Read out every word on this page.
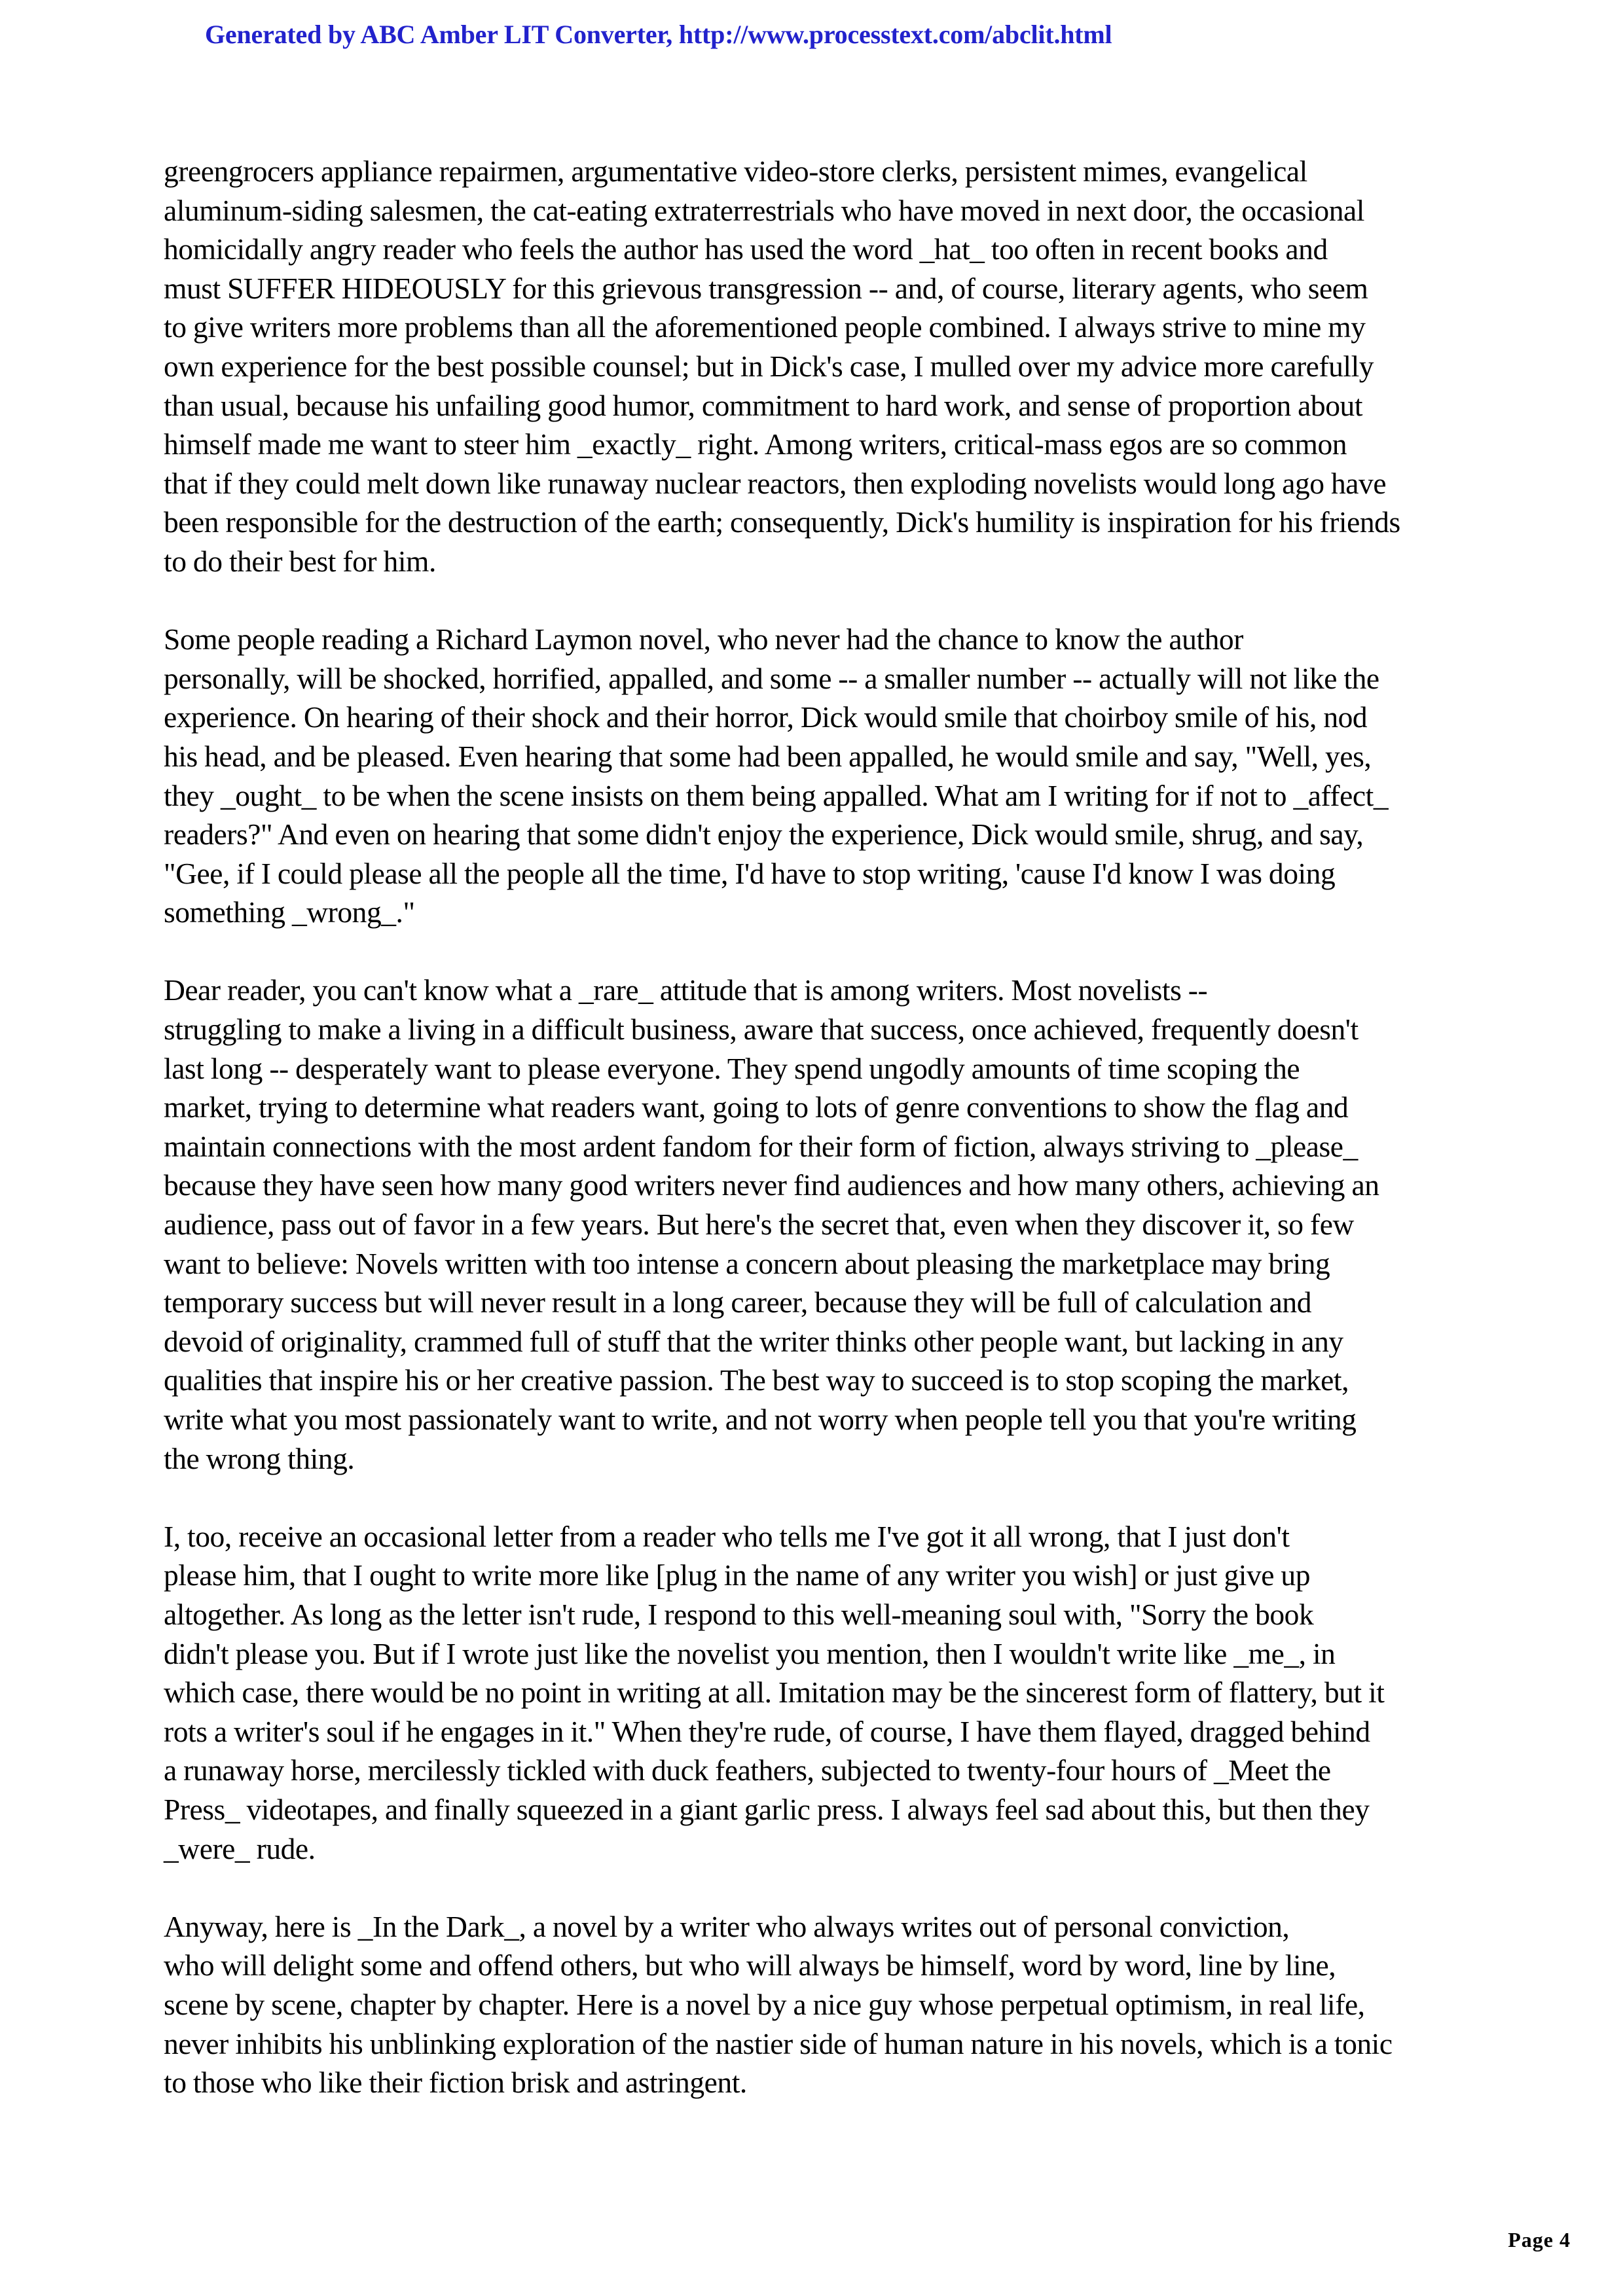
Generated by ABC Amber LIT Converter, http://www.processtext.com/abclit.html

greengrocers appliance repairmen, argumentative video-store clerks, persistent mimes, evangelical
aluminum-siding salesmen, the cat-eating extraterrestrials who have moved in next door, the occasional
homicidally angry reader who feels the author has used the word _hat_ too often in recent books and
must SUFFER HIDEOUSLY for this grievous transgression -- and, of course, literary agents, who seem
to give writers more problems than all the aforementioned people combined. I always strive to mine my
own experience for the best possible counsel; but in Dick's case, I mulled over my advice more carefully
than usual, because his unfailing good humor, commitment to hard work, and sense of proportion about
himself made me want to steer him _exactly_ right. Among writers, critical-mass egos are so common
that if they could melt down like runaway nuclear reactors, then exploding novelists would long ago have
been responsible for the destruction of the earth; consequently, Dick's humility is inspiration for his friends
to do their best for him.

Some people reading a Richard Laymon novel, who never had the chance to know the author
personally, will be shocked, horrified, appalled, and some -- a smaller number -- actually will not like the
experience. On hearing of their shock and their horror, Dick would smile that choirboy smile of his, nod
his head, and be pleased. Even hearing that some had been appalled, he would smile and say, "Well, yes,
they _ought_ to be when the scene insists on them being appalled. What am I writing for if not to _affect_
readers?" And even on hearing that some didn't enjoy the experience, Dick would smile, shrug, and say,
"Gee, if I could please all the people all the time, I'd have to stop writing, 'cause I'd know I was doing
something _wrong_."

Dear reader, you can't know what a _rare_ attitude that is among writers. Most novelists --
struggling to make a living in a difficult business, aware that success, once achieved, frequently doesn't
last long -- desperately want to please everyone. They spend ungodly amounts of time scoping the
market, trying to determine what readers want, going to lots of genre conventions to show the flag and
maintain connections with the most ardent fandom for their form of fiction, always striving to _please_
because they have seen how many good writers never find audiences and how many others, achieving an
audience, pass out of favor in a few years. But here's the secret that, even when they discover it, so few
want to believe: Novels written with too intense a concern about pleasing the marketplace may bring
temporary success but will never result in a long career, because they will be full of calculation and
devoid of originality, crammed full of stuff that the writer thinks other people want, but lacking in any
qualities that inspire his or her creative passion. The best way to succeed is to stop scoping the market,
write what you most passionately want to write, and not worry when people tell you that you're writing
the wrong thing.

I, too, receive an occasional letter from a reader who tells me I've got it all wrong, that I just don't
please him, that I ought to write more like [plug in the name of any writer you wish] or just give up
altogether. As long as the letter isn't rude, I respond to this well-meaning soul with, "Sorry the book
didn't please you. But if I wrote just like the novelist you mention, then I wouldn't write like _me_, in
which case, there would be no point in writing at all. Imitation may be the sincerest form of flattery, but it
rots a writer's soul if he engages in it." When they're rude, of course, I have them flayed, dragged behind
a runaway horse, mercilessly tickled with duck feathers, subjected to twenty-four hours of _Meet the
Press_ videotapes, and finally squeezed in a giant garlic press. I always feel sad about this, but then they
_were_ rude.

Anyway, here is _In the Dark_, a novel by a writer who always writes out of personal conviction,
who will delight some and offend others, but who will always be himself, word by word, line by line,
scene by scene, chapter by chapter. Here is a novel by a nice guy whose perpetual optimism, in real life,
never inhibits his unblinking exploration of the nastier side of human nature in his novels, which is a tonic
to those who like their fiction brisk and astringent.

Page 4
